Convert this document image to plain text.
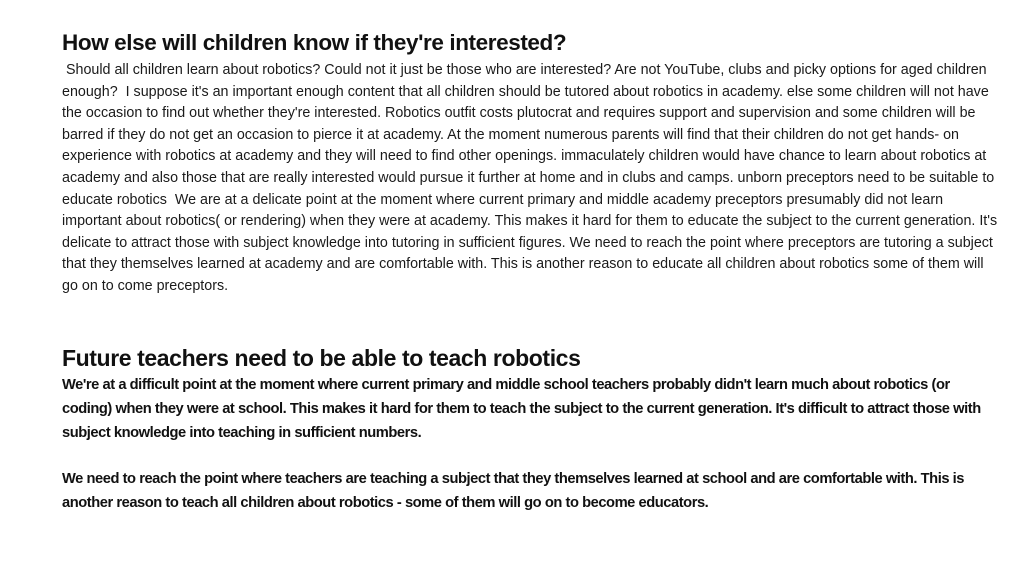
How else will children know if they're interested?

Should all children learn about robotics? Could not it just be those who are interested? Are not YouTube, clubs and picky options for aged children enough?  I suppose it's an important enough content that all children should be tutored about robotics in academy. else some children will not have the occasion to find out whether they're interested. Robotics outfit costs plutocrat and requires support and supervision and some children will be barred if they do not get an occasion to pierce it at academy. At the moment numerous parents will find that their children do not get hands- on experience with robotics at academy and they will need to find other openings. immaculately children would have chance to learn about robotics at academy and also those that are really interested would pursue it further at home and in clubs and camps. unborn preceptors need to be suitable to educate robotics  We are at a delicate point at the moment where current primary and middle academy preceptors presumably did not learn important about robotics( or rendering) when they were at academy. This makes it hard for them to educate the subject to the current generation. It's delicate to attract those with subject knowledge into tutoring in sufficient figures. We need to reach the point where preceptors are tutoring a subject that they themselves learned at academy and are comfortable with. This is another reason to educate all children about robotics some of them will go on to come preceptors.

Future teachers need to be able to teach robotics

We're at a difficult point at the moment where current primary and middle school teachers probably didn't learn much about robotics (or coding) when they were at school. This makes it hard for them to teach the subject to the current generation. It's difficult to attract those with subject knowledge into teaching in sufficient numbers.

We need to reach the point where teachers are teaching a subject that they themselves learned at school and are comfortable with. This is another reason to teach all children about robotics - some of them will go on to become educators.
